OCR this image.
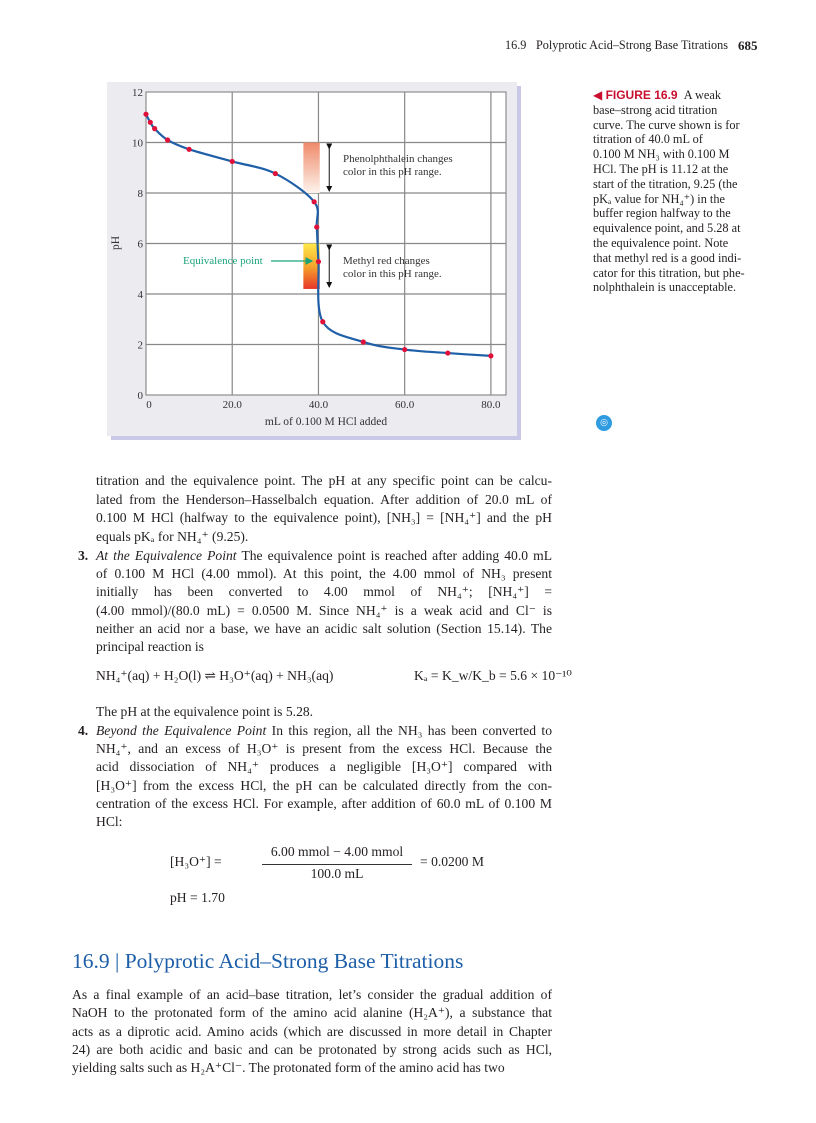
16.9 Polyprotic Acid–Strong Base Titrations 685
0	20.0	40.0	60.0	80.0
0
2
4
6
8
10
12
mL of 0.100 M HCl added
pH
Phenolphthalein changes
color in this pH range.
Methyl red changes
color in this pH range.
Equivalence point
◀ FIGURE 16.9 A weak
base–strong acid titration
curve. The curve shown is for
titration of 40.0 mL of
0.100 M NH₃ with 0.100 M
HCl. The pH is 11.12 at the
start of the titration, 9.25 (the
pKₐ value for NH₄⁺) in the
buffer region halfway to the
equivalence point, and 5.28 at
the equivalence point. Note
that methyl red is a good indi-
cator for this titration, but phe-
nolphthalein is unacceptable.
◎
16.9 | Polyprotic Acid–Strong Base Titrations
titration and the equivalence point. The pH at any specific point can be calcu-
lated from the Henderson–Hasselbalch equation. After addition of 20.0 mL of
0.100 M HCl (halfway to the equivalence point), [NH₃] = [NH₄⁺] and the pH
equals pKₐ for NH₄⁺ (9.25).
3. At the Equivalence Point The equivalence point is reached after adding 40.0 mL
of 0.100 M HCl (4.00 mmol). At this point, the 4.00 mmol of NH₃ present
initially has been converted to 4.00 mmol of NH₄⁺; [NH₄⁺] =
(4.00 mmol)/(80.0 mL) = 0.0500 M. Since NH₄⁺ is a weak acid and Cl⁻ is
neither an acid nor a base, we have an acidic salt solution (Section 15.14). The
principal reaction is
NH₄⁺(aq) + H₂O(l) ⇌ H₃O⁺(aq) + NH₃(aq)	Kₐ = K_w/K_b = 5.6 × 10⁻¹⁰
The pH at the equivalence point is 5.28.
4. Beyond the Equivalence Point In this region, all the NH₃ has been converted to
NH₄⁺, and an excess of H₃O⁺ is present from the excess HCl. Because the
acid dissociation of NH₄⁺ produces a negligible [H₃O⁺] compared with
[H₃O⁺] from the excess HCl, the pH can be calculated directly from the con-
centration of the excess HCl. For example, after addition of 60.0 mL of 0.100 M
HCl:
[H₃O⁺] =
6.00 mmol − 4.00 mmol
100.0 mL
= 0.0200 M
pH = 1.70
As a final example of an acid–base titration, let’s consider the gradual addition of
NaOH to the protonated form of the amino acid alanine (H₂A⁺), a substance that
acts as a diprotic acid. Amino acids (which are discussed in more detail in Chapter
24) are both acidic and basic and can be protonated by strong acids such as HCl,
yielding salts such as H₂A⁺Cl⁻. The protonated form of the amino acid has two
